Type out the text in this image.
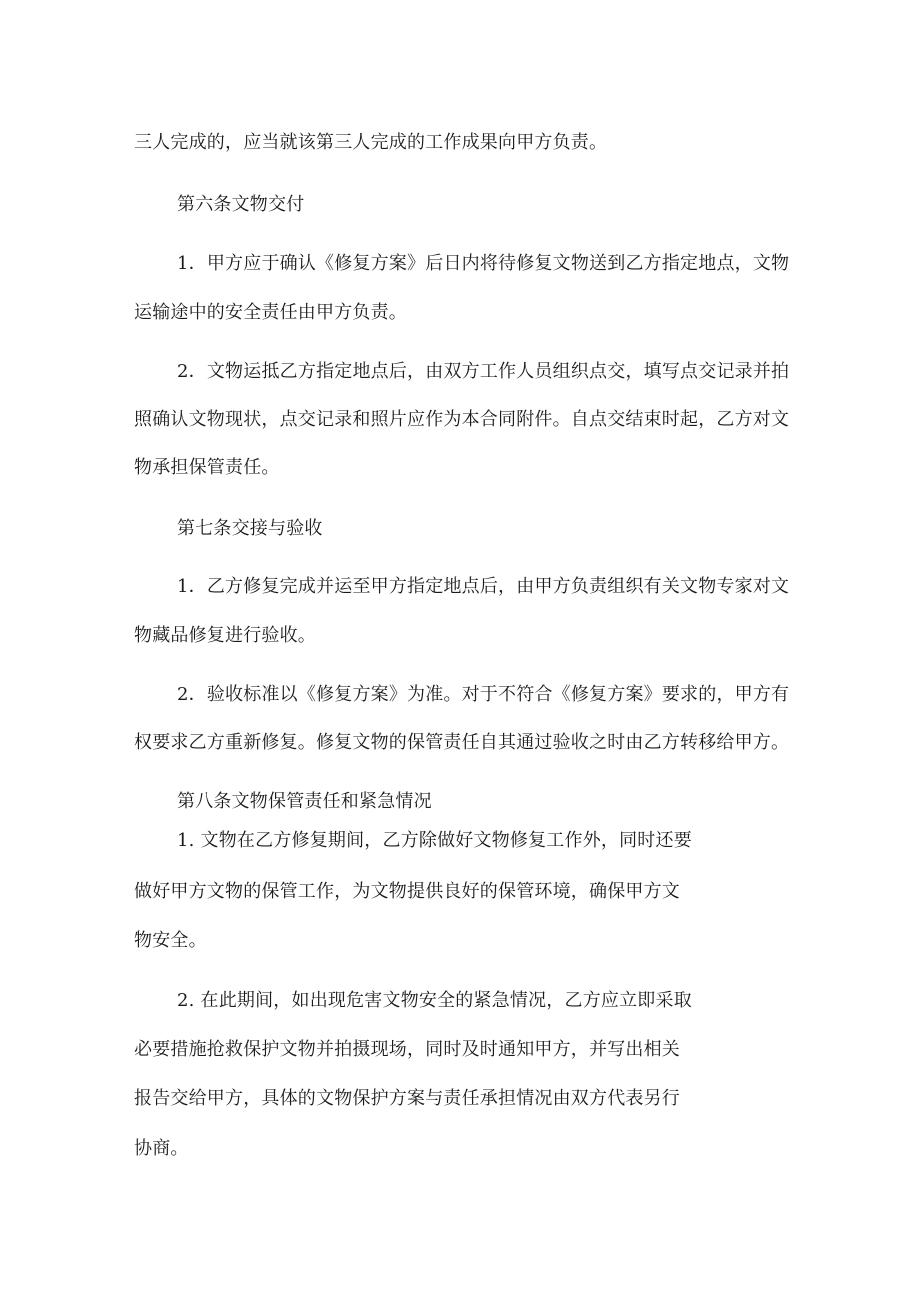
三人完成的，应当就该第三人完成的工作成果向甲方负责。

第六条文物交付

1．甲方应于确认《修复方案》后日内将待修复文物送到乙方指定地点，文物

运输途中的安全责任由甲方负责。

2．文物运抵乙方指定地点后，由双方工作人员组织点交，填写点交记录并拍

照确认文物现状，点交记录和照片应作为本合同附件。自点交结束时起，乙方对文

物承担保管责任。

第七条交接与验收

1．乙方修复完成并运至甲方指定地点后，由甲方负责组织有关文物专家对文

物藏品修复进行验收。

2．验收标准以《修复方案》为准。对于不符合《修复方案》要求的，甲方有

权要求乙方重新修复。修复文物的保管责任自其通过验收之时由乙方转移给甲方。

第八条文物保管责任和紧急情况

1. 文物在乙方修复期间，乙方除做好文物修复工作外，同时还要

做好甲方文物的保管工作，为文物提供良好的保管环境，确保甲方文

物安全。

2. 在此期间，如出现危害文物安全的紧急情况，乙方应立即采取

必要措施抢救保护文物并拍摄现场，同时及时通知甲方，并写出相关

报告交给甲方，具体的文物保护方案与责任承担情况由双方代表另行

协商。
